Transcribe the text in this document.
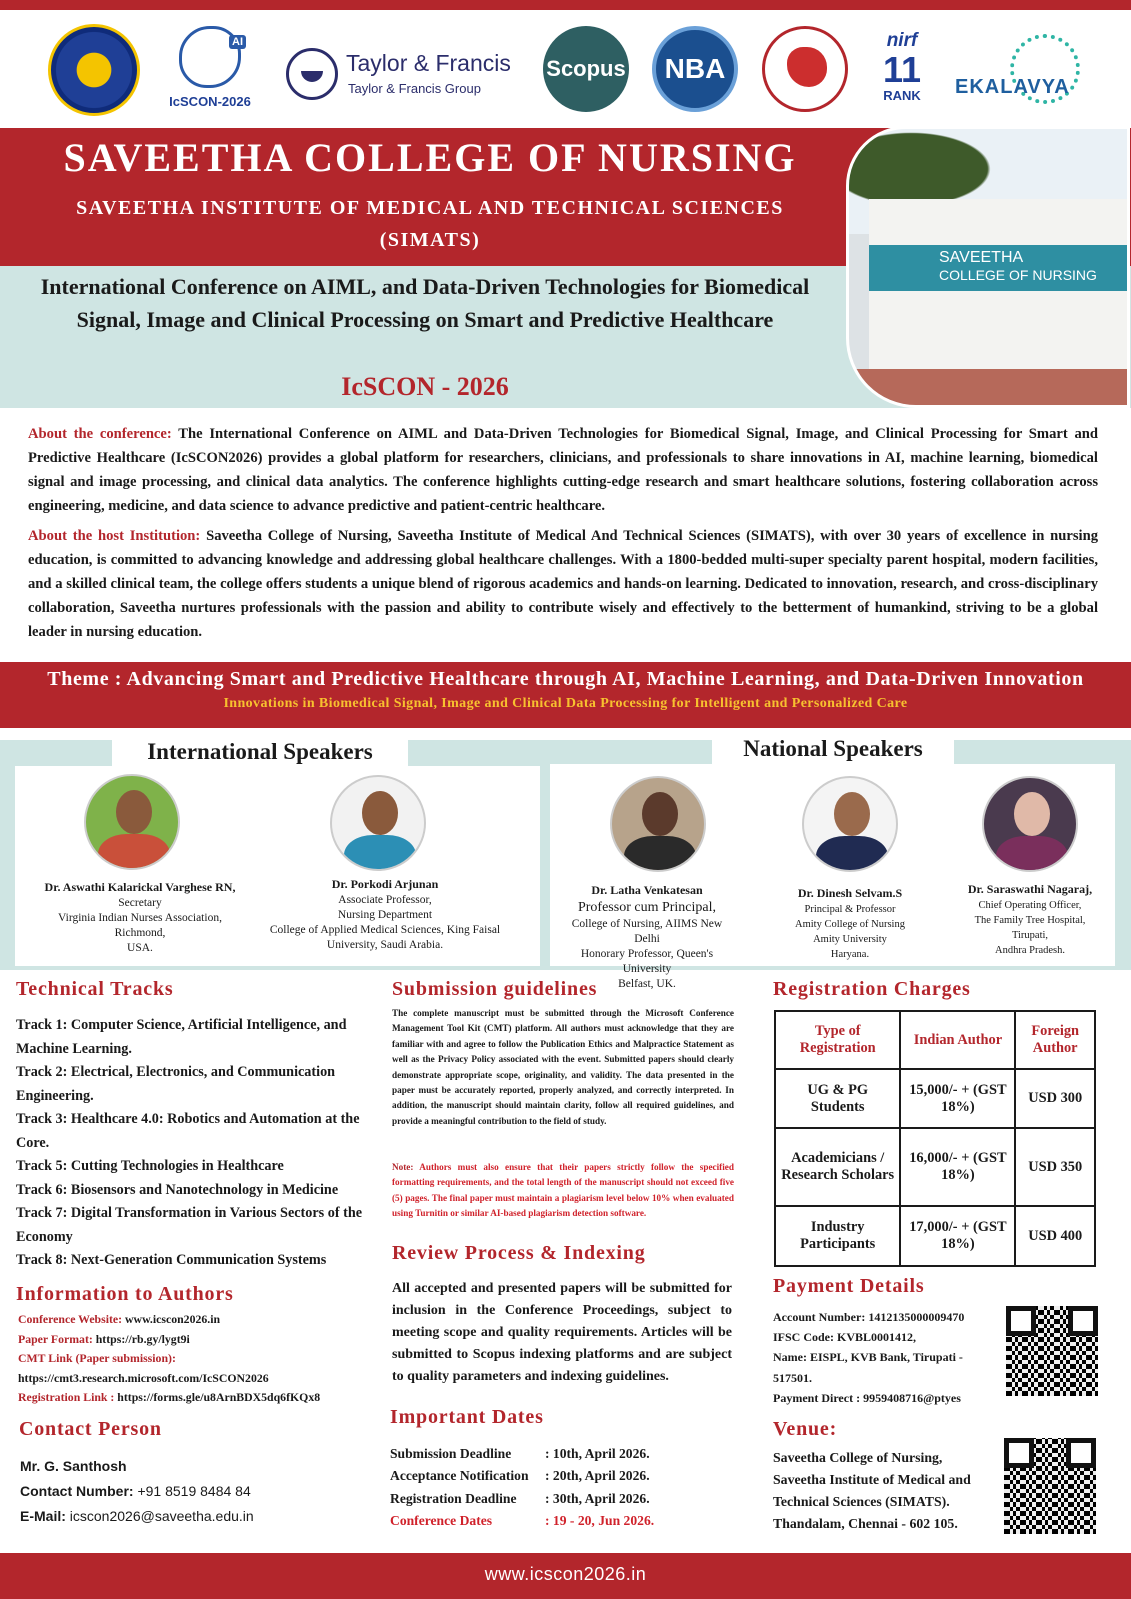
AI
IcSCON-2026
Taylor & Francis
Taylor & Francis Group
Scopus	NBA
nirf
11
RANK	EKALAVYA
SAVEETHA COLLEGE OF NURSING
SAVEETHA INSTITUTE OF MEDICAL AND TECHNICAL SCIENCES
(SIMATS)
International Conference on AIML, and Data-Driven Technologies for Biomedical Signal, Image and Clinical Processing on Smart and Predictive Healthcare
IcSCON - 2026
SAVEETHA
COLLEGE OF NURSING

About the conference: The International Conference on AIML and Data-Driven Technologies for Biomedical Signal, Image, and Clinical Processing for Smart and Predictive Healthcare (IcSCON2026) provides a global platform for researchers, clinicians, and professionals to share innovations in AI, machine learning, biomedical signal and image processing, and clinical data analytics. The conference highlights cutting-edge research and smart healthcare solutions, fostering collaboration across engineering, medicine, and data science to advance predictive and patient-centric healthcare.

About the host Institution: Saveetha College of Nursing, Saveetha Institute of Medical And Technical Sciences (SIMATS), with over 30 years of excellence in nursing education, is committed to advancing knowledge and addressing global healthcare challenges. With a 1800-bedded multi-super specialty parent hospital, modern facilities, and a skilled clinical team, the college offers students a unique blend of rigorous academics and hands-on learning. Dedicated to innovation, research, and cross-disciplinary collaboration, Saveetha nurtures professionals with the passion and ability to contribute wisely and effectively to the betterment of humankind, striving to be a global leader in nursing education.

Theme : Advancing Smart and Predictive Healthcare through AI, Machine Learning, and Data-Driven Innovation
Innovations in Biomedical Signal, Image and Clinical Data Processing for Intelligent and Personalized Care
International Speakers	National Speakers
Dr. Aswathi Kalarickal Varghese RN,
Secretary
Virginia Indian Nurses Association,
Richmond,
USA.
Dr. Porkodi Arjunan
Associate Professor,
Nursing Department
College of Applied Medical Sciences, King Faisal
University, Saudi Arabia.
Dr. Latha Venkatesan
Professor cum Principal,
College of Nursing, AIIMS New Delhi
Honorary Professor, Queen's University
Belfast, UK.
Dr. Dinesh Selvam.S
Principal & Professor
Amity College of Nursing
Amity University
Haryana.
Dr. Saraswathi Nagaraj,
Chief Operating Officer,
The Family Tree Hospital,
Tirupati,
Andhra Pradesh.
Technical Tracks
Track 1: Computer Science, Artificial Intelligence, and Machine Learning.
Track 2: Electrical, Electronics, and Communication Engineering.
Track 3: Healthcare 4.0: Robotics and Automation at the Core.
Track 5: Cutting Technologies in Healthcare
Track 6: Biosensors and Nanotechnology in Medicine
Track 7: Digital Transformation in Various Sectors of the Economy
Track 8: Next-Generation Communication Systems
Information to Authors
Conference Website: www.icscon2026.in
Paper Format: https://rb.gy/lygt9i
CMT Link (Paper submission):
https://cmt3.research.microsoft.com/IcSCON2026
Registration Link : https://forms.gle/u8ArnBDX5dq6fKQx8
Contact Person
Mr. G. Santhosh
Contact Number: +91 8519 8484 84
E-Mail: icscon2026@saveetha.edu.in
Submission guidelines

The complete manuscript must be submitted through the Microsoft Conference Management Tool Kit (CMT) platform. All authors must acknowledge that they are familiar with and agree to follow the Publication Ethics and Malpractice Statement as well as the Privacy Policy associated with the event. Submitted papers should clearly demonstrate appropriate scope, originality, and validity. The data presented in the paper must be accurately reported, properly analyzed, and correctly interpreted. In addition, the manuscript should maintain clarity, follow all required guidelines, and provide a meaningful contribution to the field of study.

Note: Authors must also ensure that their papers strictly follow the specified formatting requirements, and the total length of the manuscript should not exceed five (5) pages. The final paper must maintain a plagiarism level below 10% when evaluated using Turnitin or similar AI-based plagiarism detection software.

Review Process & Indexing

All accepted and presented papers will be submitted for inclusion in the Conference Proceedings, subject to meeting scope and quality requirements. Articles will be submitted to Scopus indexing platforms and are subject to quality parameters and indexing guidelines.

Important Dates
Submission Deadline	: 10th, April 2026.
Acceptance Notification	: 20th, April 2026.
Registration Deadline	: 30th, April 2026.
Conference Dates	: 19 - 20, Jun 2026.
Registration Charges
Type of Registration	Indian Author	Foreign Author
UG & PG Students	15,000/- + (GST 18%)	USD 300
Academicians / Research Scholars	16,000/- + (GST 18%)	USD 350
Industry Participants	17,000/- + (GST 18%)	USD 400
Payment Details
Account Number: 1412135000009470
IFSC Code: KVBL0001412,
Name: EISPL, KVB Bank, Tirupati - 517501.
Payment Direct : 9959408716@ptyes
Venue:

Saveetha College of Nursing, Saveetha Institute of Medical and Technical Sciences (SIMATS). Thandalam, Chennai - 602 105.

www.icscon2026.in
